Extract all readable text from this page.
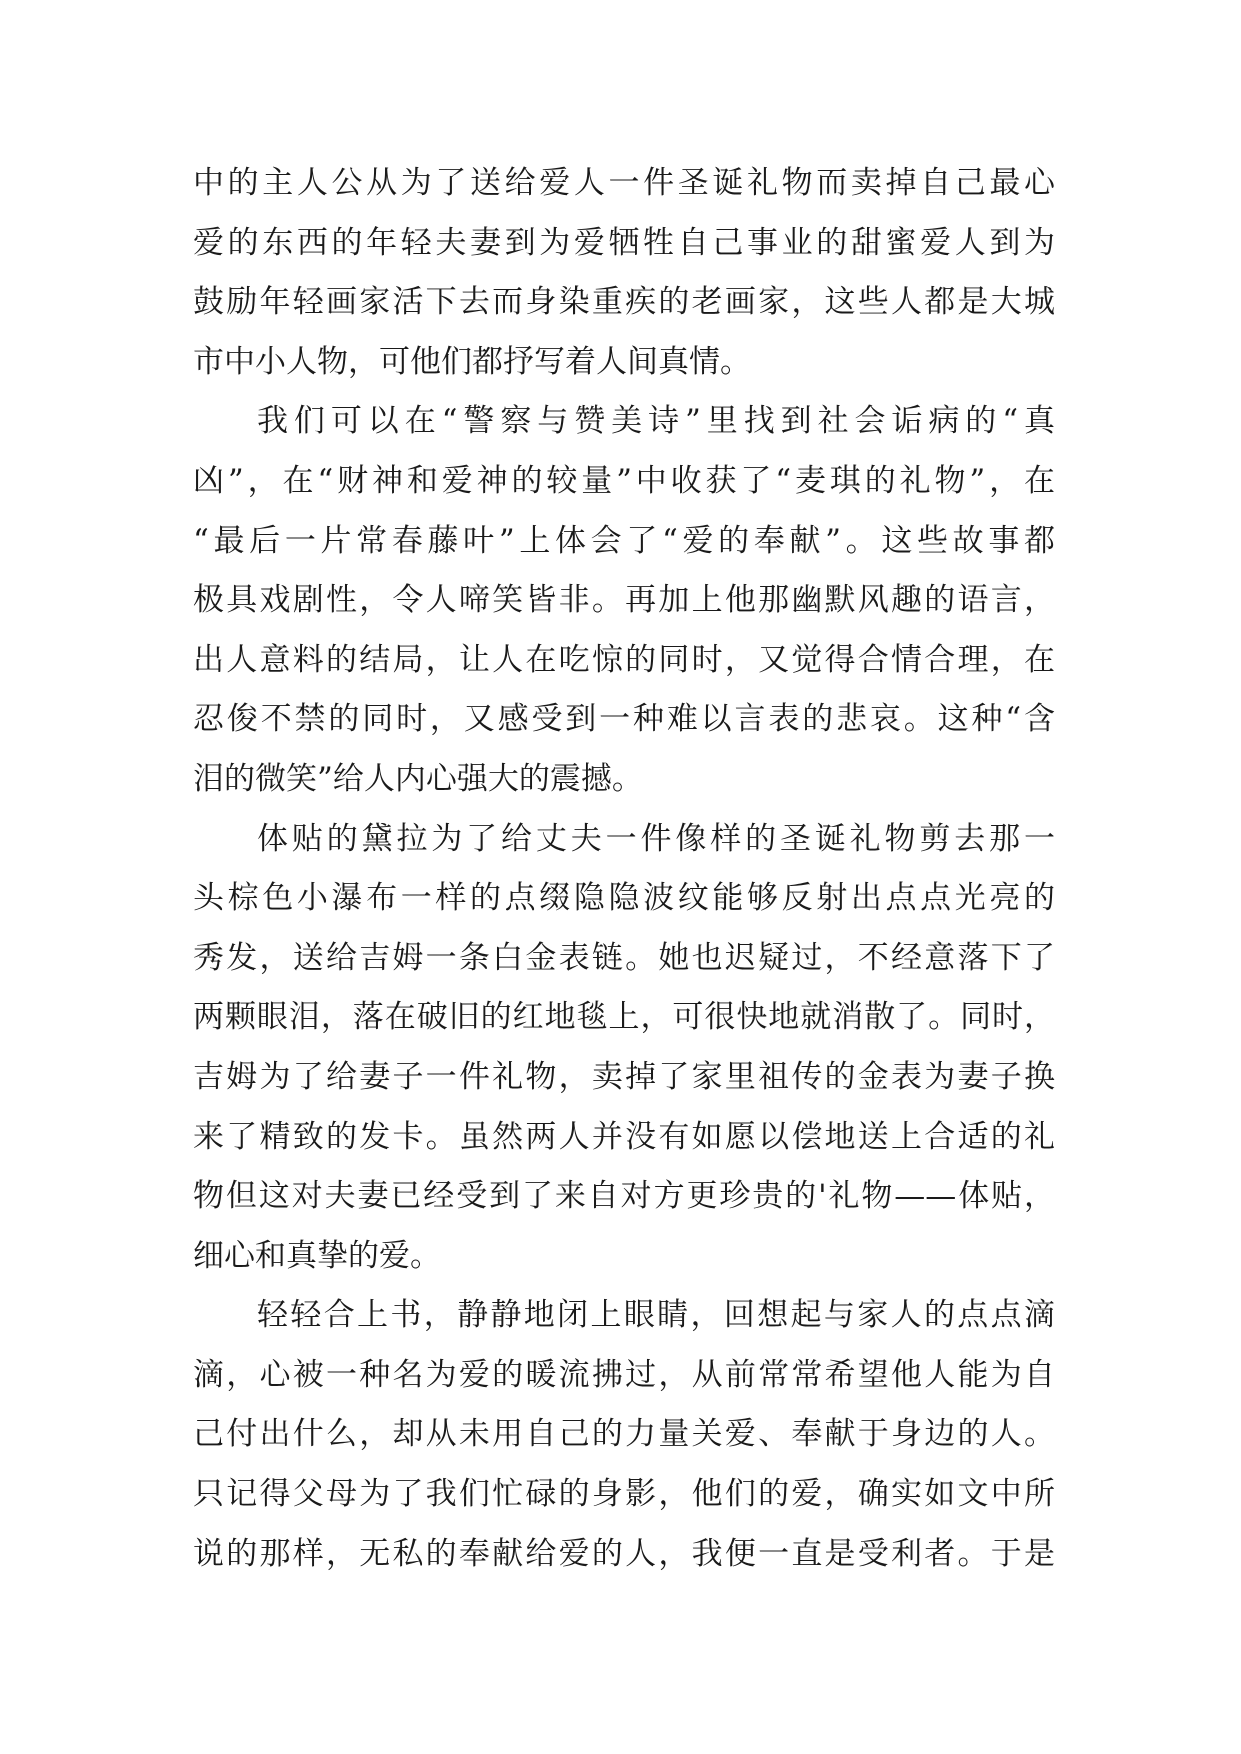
中的主人公从为了送给爱人一件圣诞礼物而卖掉自己最心
爱的东西的年轻夫妻到为爱牺牲自己事业的甜蜜爱人到为
鼓励年轻画家活下去而身染重疾的老画家，这些人都是大城
市中小人物，可他们都抒写着人间真情。
我们可以在“警察与赞美诗”里找到社会诟病的“真
凶”，在“财神和爱神的较量”中收获了“麦琪的礼物”，在
“最后一片常春藤叶”上体会了“爱的奉献”。这些故事都
极具戏剧性，令人啼笑皆非。再加上他那幽默风趣的语言，
出人意料的结局，让人在吃惊的同时，又觉得合情合理，在
忍俊不禁的同时，又感受到一种难以言表的悲哀。这种“含
泪的微笑”给人内心强大的震撼。
体贴的黛拉为了给丈夫一件像样的圣诞礼物剪去那一
头棕色小瀑布一样的点缀隐隐波纹能够反射出点点光亮的
秀发，送给吉姆一条白金表链。她也迟疑过，不经意落下了
两颗眼泪，落在破旧的红地毯上，可很快地就消散了。同时，
吉姆为了给妻子一件礼物，卖掉了家里祖传的金表为妻子换
来了精致的发卡。虽然两人并没有如愿以偿地送上合适的礼
物但这对夫妻已经受到了来自对方更珍贵的'礼物——体贴，
细心和真挚的爱。
轻轻合上书，静静地闭上眼睛，回想起与家人的点点滴
滴，心被一种名为爱的暖流拂过，从前常常希望他人能为自
己付出什么，却从未用自己的力量关爱、奉献于身边的人。
只记得父母为了我们忙碌的身影，他们的爱，确实如文中所
说的那样，无私的奉献给爱的人，我便一直是受利者。于是
